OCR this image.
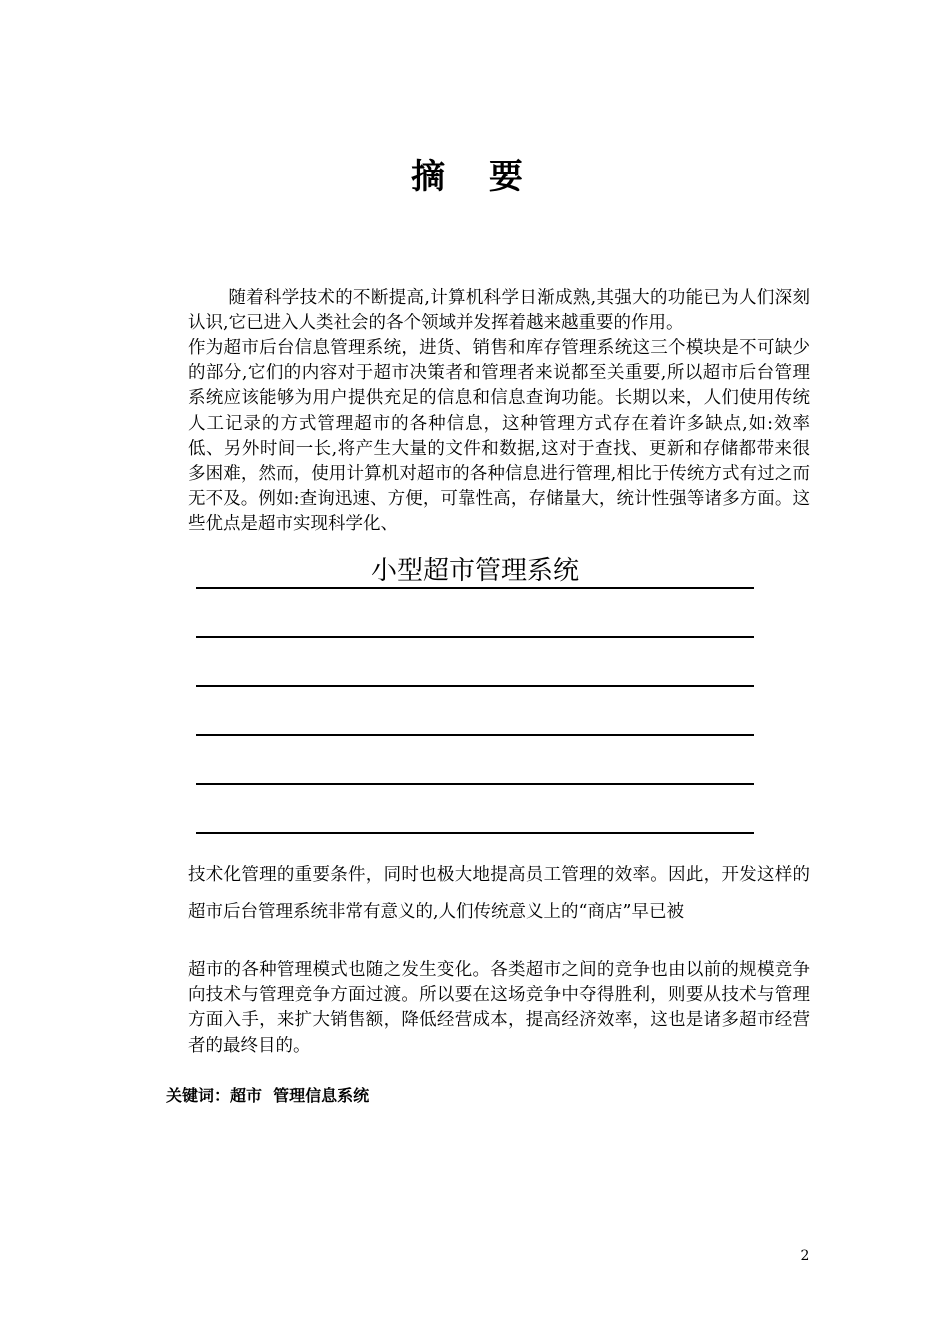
摘 要

随着科学技术的不断提高,计算机科学日渐成熟,其强大的功能已为人们深刻认识,它已进入人类社会的各个领域并发挥着越来越重要的作用。

作为超市后台信息管理系统，进货、销售和库存管理系统这三个模块是不可缺少的部分,它们的内容对于超市决策者和管理者来说都至关重要,所以超市后台管理系统应该能够为用户提供充足的信息和信息查询功能。长期以来，人们使用传统人工记录的方式管理超市的各种信息，这种管理方式存在着许多缺点,如:效率低、另外时间一长,将产生大量的文件和数据,这对于查找、更新和存储都带来很多困难，然而，使用计算机对超市的各种信息进行管理,相比于传统方式有过之而无不及。例如:查询迅速、方便，可靠性高，存储量大，统计性强等诸多方面。这些优点是超市实现科学化、

小型超市管理系统

技术化管理的重要条件，同时也极大地提高员工管理的效率。因此，开发这样的超市后台管理系统非常有意义的,人们传统意义上的“商店”早已被

超市的各种管理模式也随之发生变化。各类超市之间的竞争也由以前的规模竞争向技术与管理竞争方面过渡。所以要在这场竞争中夺得胜利，则要从技术与管理方面入手，来扩大销售额，降低经营成本，提高经济效率，这也是诸多超市经营者的最终目的。

关键词：超市  管理信息系统
2
